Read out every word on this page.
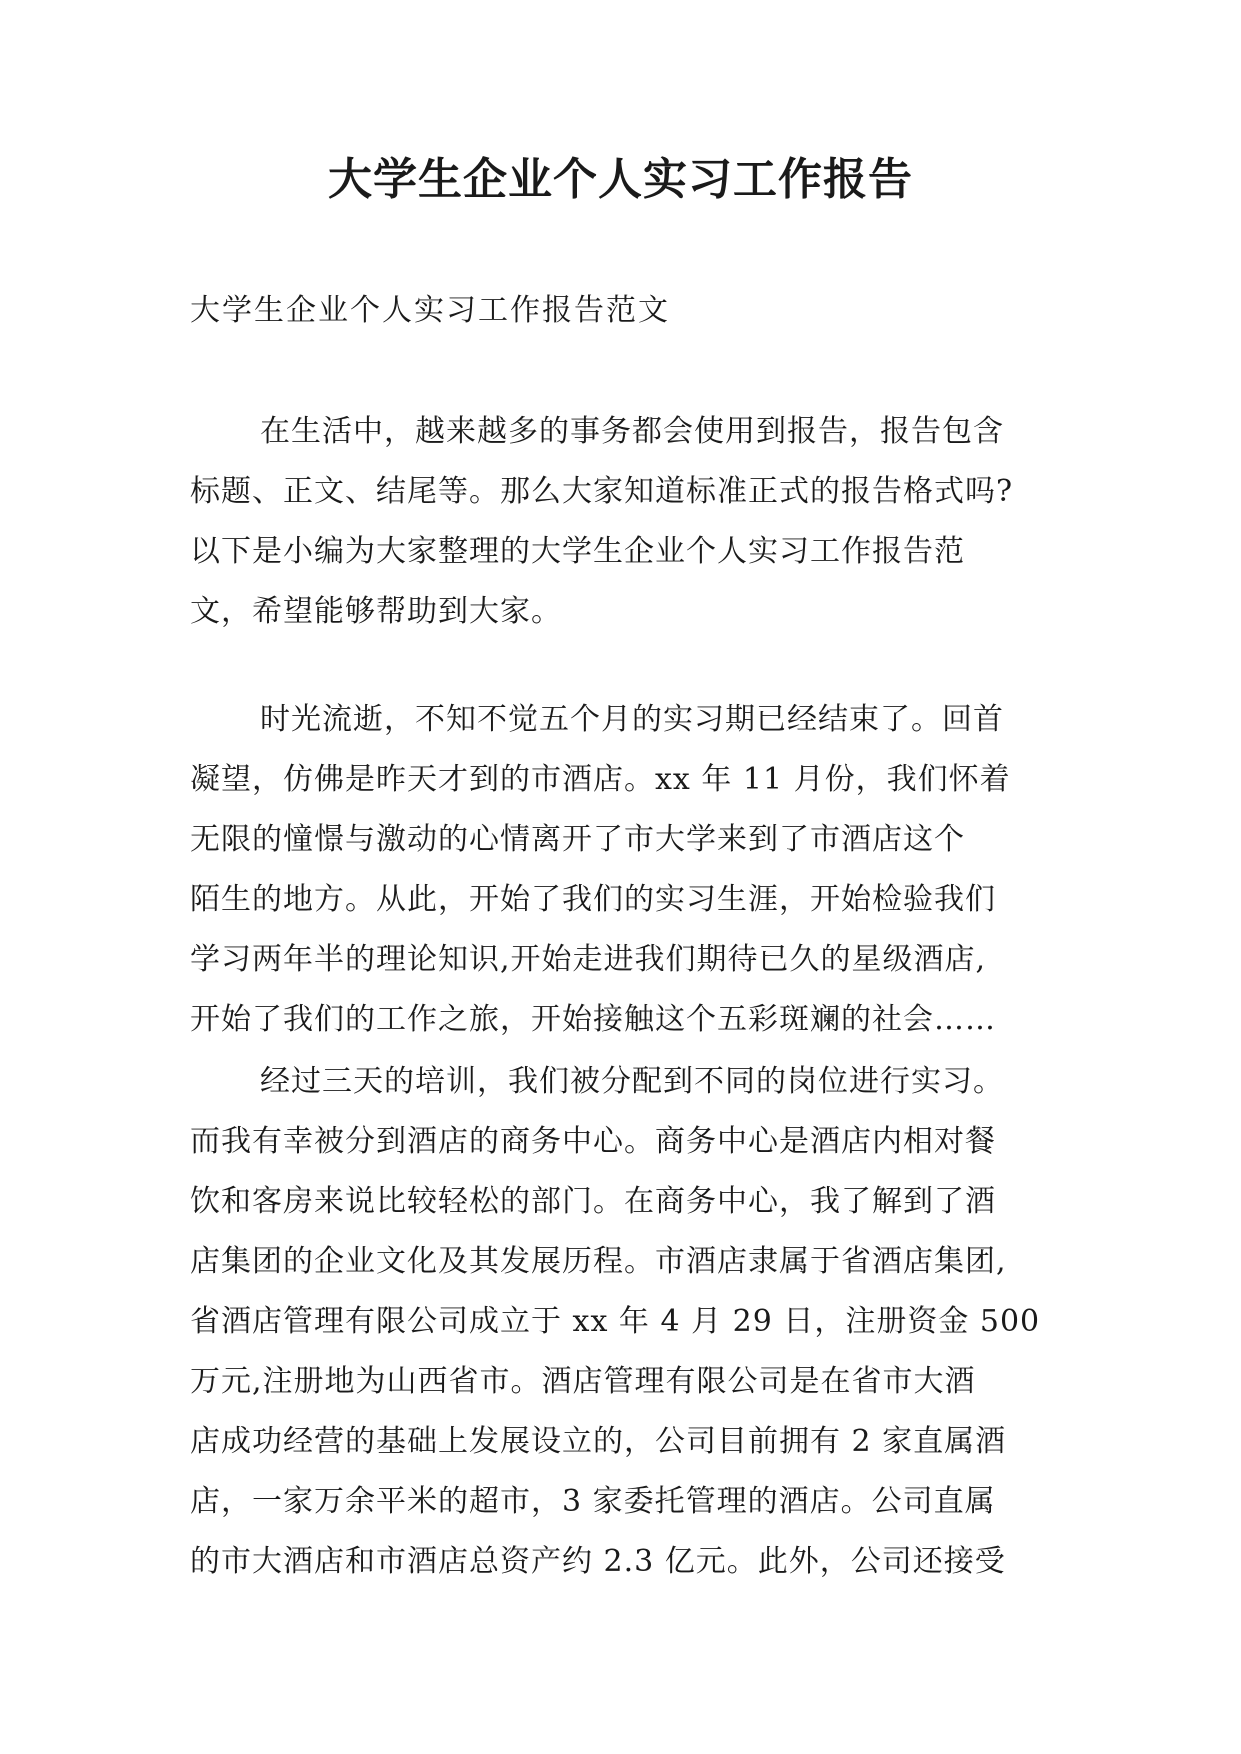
大学生企业个人实习工作报告

大学生企业个人实习工作报告范文

在生活中，越来越多的事务都会使用到报告，报告包含
标题、正文、结尾等。那么大家知道标准正式的报告格式吗?
以下是小编为大家整理的大学生企业个人实习工作报告范
文，希望能够帮助到大家。
时光流逝，不知不觉五个月的实习期已经结束了。回首
凝望，仿佛是昨天才到的市酒店。xx 年 11 月份，我们怀着
无限的憧憬与激动的心情离开了市大学来到了市酒店这个
陌生的地方。从此，开始了我们的实习生涯，开始检验我们
学习两年半的理论知识,开始走进我们期待已久的星级酒店,
开始了我们的工作之旅，开始接触这个五彩斑斓的社会……
经过三天的培训，我们被分配到不同的岗位进行实习。
而我有幸被分到酒店的商务中心。商务中心是酒店内相对餐
饮和客房来说比较轻松的部门。在商务中心，我了解到了酒
店集团的企业文化及其发展历程。市酒店隶属于省酒店集团,
省酒店管理有限公司成立于 xx 年 4 月 29 日，注册资金 500
万元,注册地为山西省市。酒店管理有限公司是在省市大酒
店成功经营的基础上发展设立的，公司目前拥有 2 家直属酒
店，一家万余平米的超市，3 家委托管理的酒店。公司直属
的市大酒店和市酒店总资产约 2.3 亿元。此外，公司还接受
